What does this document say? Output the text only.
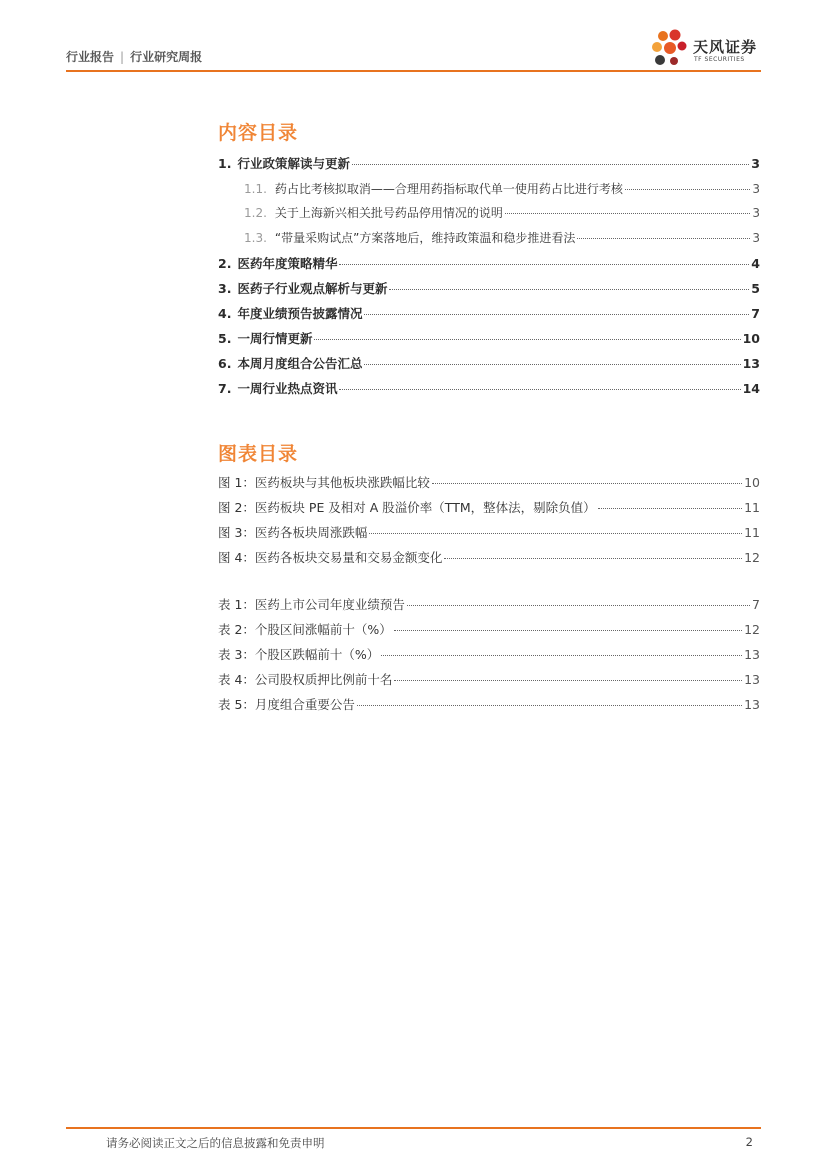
行业报告 | 行业研究周报
天风证券
TF SECURITIES
内容目录
1. 行业政策解读与更新	3
1.1. 药占比考核拟取消——合理用药指标取代单一使用药占比进行考核	3
1.2. 关于上海新兴相关批号药品停用情况的说明	3
1.3. “带量采购试点”方案落地后，维持政策温和稳步推进看法	3
2. 医药年度策略精华	4
3. 医药子行业观点解析与更新	5
4. 年度业绩预告披露情况	7
5. 一周行情更新	10
6. 本周月度组合公告汇总	13
7. 一周行业热点资讯	14
图表目录
图 1：医药板块与其他板块涨跌幅比较	10
图 2：医药板块 PE 及相对 A 股溢价率（TTM，整体法，剔除负值）	11
图 3：医药各板块周涨跌幅	11
图 4：医药各板块交易量和交易金额变化	12
表 1：医药上市公司年度业绩预告	7
表 2：个股区间涨幅前十（%）	12
表 3：个股区跌幅前十（%）	13
表 4：公司股权质押比例前十名	13
表 5：月度组合重要公告	13
请务必阅读正文之后的信息披露和免责申明	2
